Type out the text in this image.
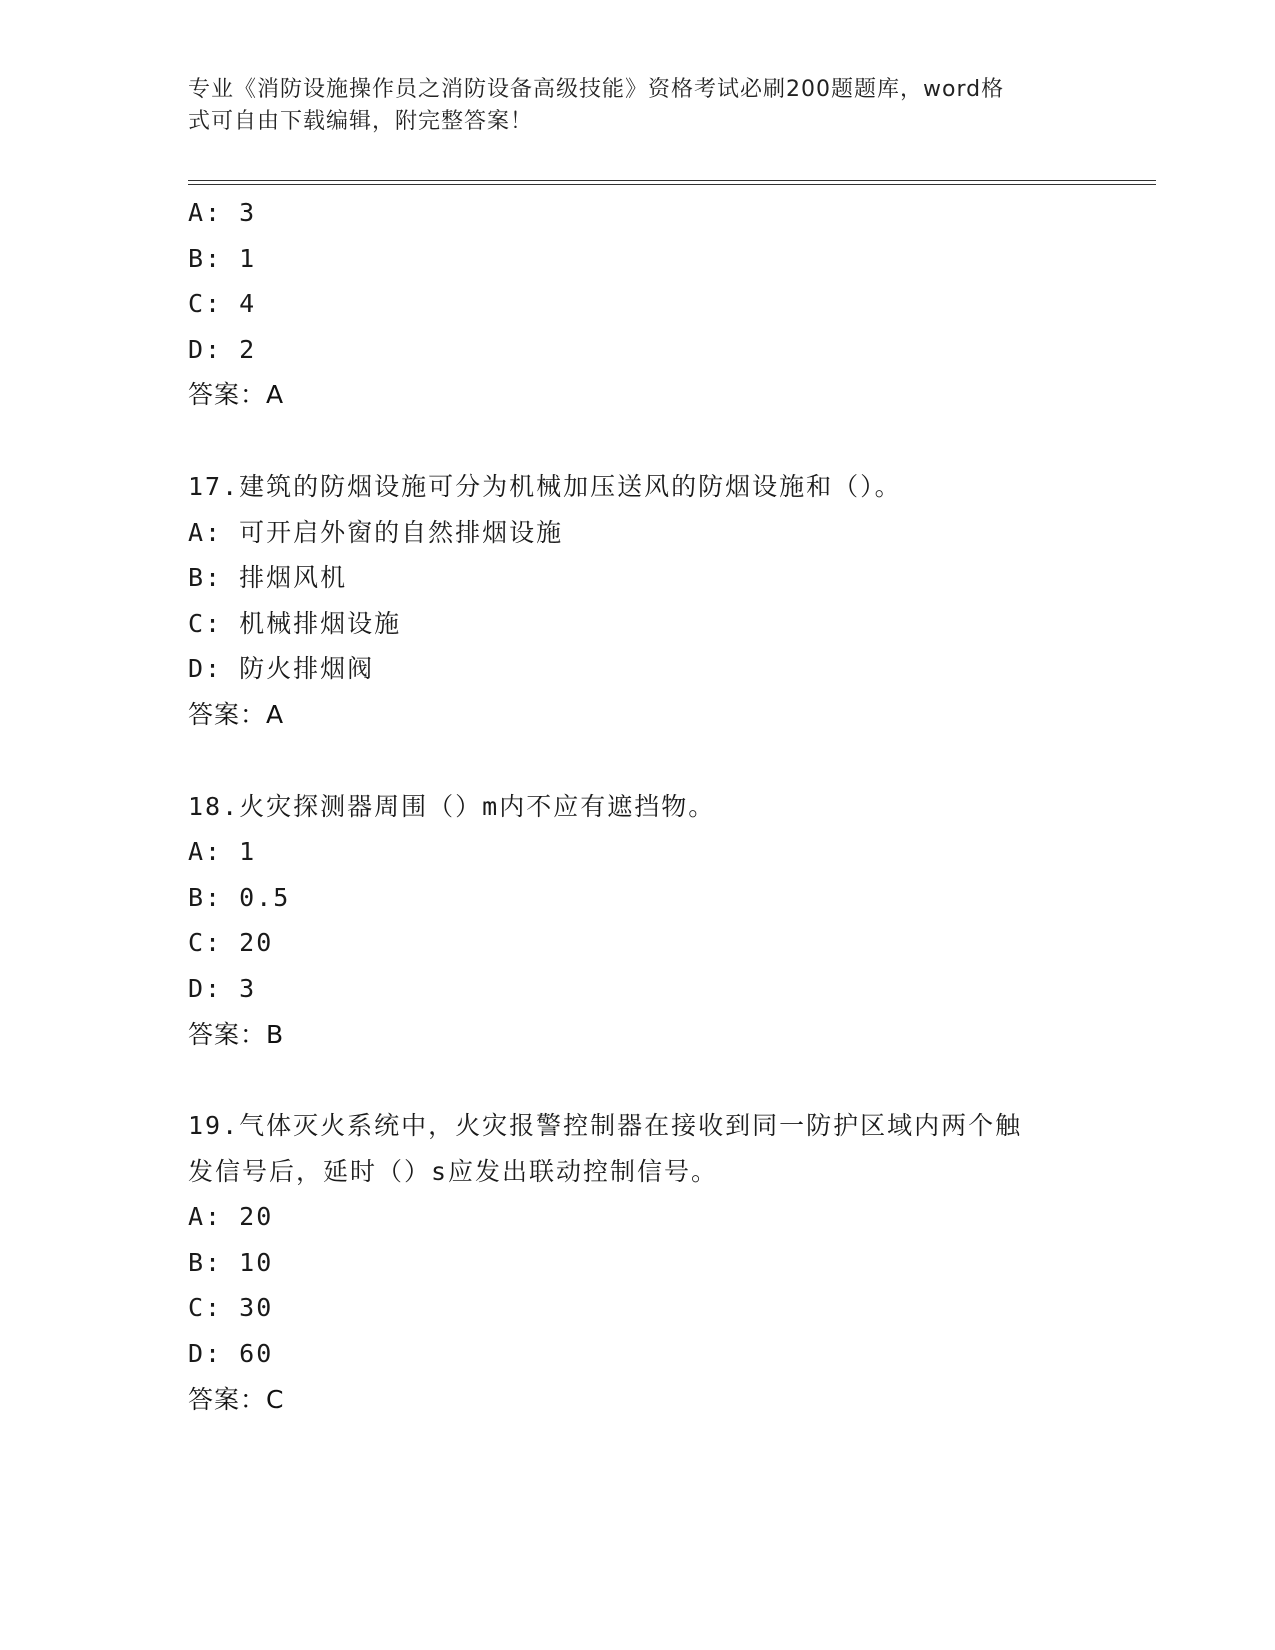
专业《消防设施操作员之消防设备高级技能》资格考试必刷200题题库，word格
式可自由下载编辑，附完整答案！
A: 3
B: 1
C: 4
D: 2
答案：A
17.建筑的防烟设施可分为机械加压送风的防烟设施和（）。
A: 可开启外窗的自然排烟设施
B: 排烟风机
C: 机械排烟设施
D: 防火排烟阀
答案：A
18.火灾探测器周围（）m内不应有遮挡物。
A: 1
B: 0.5
C: 20
D: 3
答案：B
19.气体灭火系统中，火灾报警控制器在接收到同一防护区域内两个触
发信号后，延时（）s应发出联动控制信号。
A: 20
B: 10
C: 30
D: 60
答案：C
